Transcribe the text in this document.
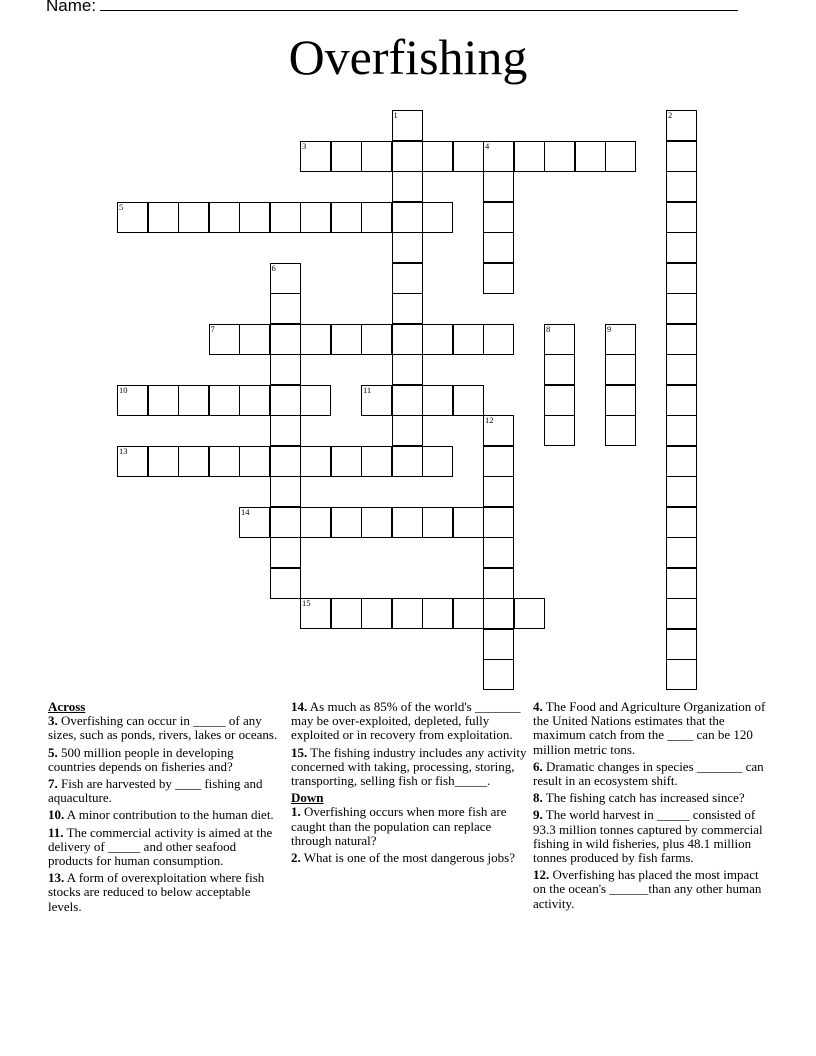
Name:
Overfishing
3	4
5
7
10	11
13
14
15
1	2
6
8	9
12
Across
3. Overfishing can occur in _____ of any sizes, such as ponds, rivers, lakes or oceans.
5. 500 million people in developing countries depends on fisheries and?
7. Fish are harvested by ____ fishing and aquaculture.
10. A minor contribution to the human diet.
11. The commercial activity is aimed at the delivery of _____ and other seafood products for human consumption.
13. A form of overexploitation where fish stocks are reduced to below acceptable levels.
14. As much as 85% of the world's _______ may be over-exploited, depleted, fully exploited or in recovery from exploitation.
15. The fishing industry includes any activity concerned with taking, processing, storing, transporting, selling fish or fish_____.
Down
1. Overfishing occurs when more fish are caught than the population can replace through natural?
2. What is one of the most dangerous jobs?
4. The Food and Agriculture Organization of the United Nations estimates that the maximum catch from the ____ can be 120 million metric tons.
6. Dramatic changes in species _______ can result in an ecosystem shift.
8. The fishing catch has increased since?
9. The world harvest in _____ consisted of 93.3 million tonnes captured by commercial fishing in wild fisheries, plus 48.1 million tonnes produced by fish farms.
12. Overfishing has placed the most impact on the ocean's ______than any other human activity.
